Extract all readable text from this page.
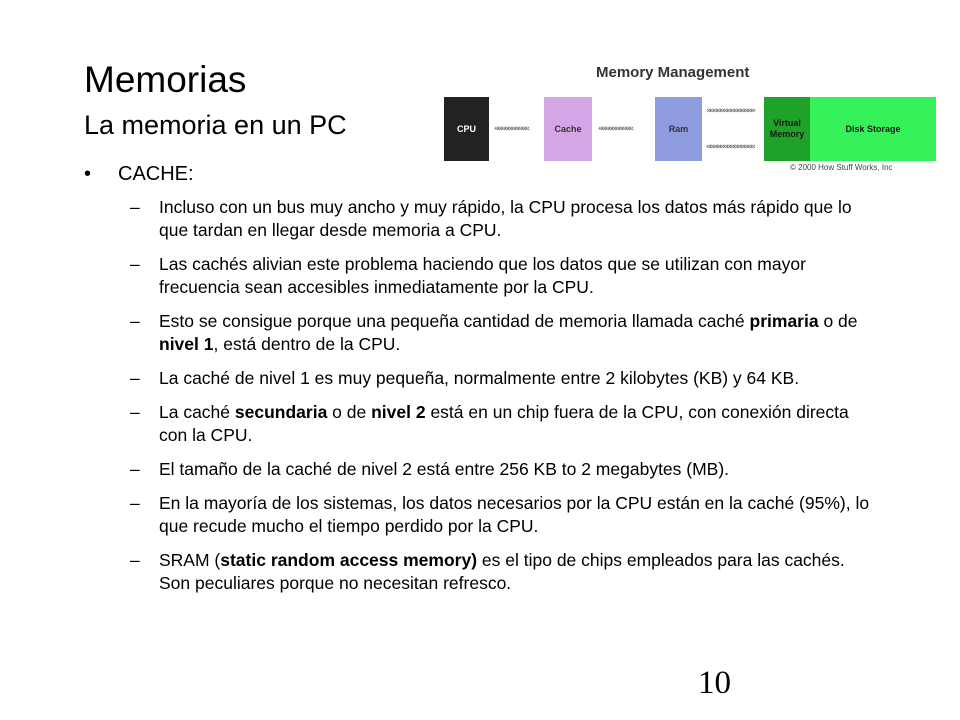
Memorias
La memoria en un PC
Memory Management
CPU	««««««««««	Cache	««««««««««	Ram
»»»»»»»»»»»»»»
««««««««««««««
Virtual Memory
Disk Storage
© 2000 How Stuff Works, Inc
• CACHE:
– Incluso con un bus muy ancho y muy rápido, la CPU procesa los datos más rápido que lo que tardan en llegar desde memoria a CPU.
– Las cachés alivian este problema haciendo que los datos que se utilizan con mayor frecuencia sean accesibles inmediatamente por la CPU.
– Esto se consigue porque una pequeña cantidad de memoria llamada caché primaria o de nivel 1, está dentro de la CPU.
– La caché de nivel 1 es muy pequeña, normalmente entre 2 kilobytes (KB) y 64 KB.
– La caché secundaria o de nivel 2 está en un chip fuera de la CPU, con conexión directa con la CPU.
– El tamaño de la caché de nivel 2 está entre 256 KB to 2 megabytes (MB).
– En la mayoría de los sistemas, los datos necesarios por la CPU están en la caché (95%), lo que recude mucho el tiempo perdido por la CPU.
– SRAM (static random access memory) es el tipo de chips empleados para las cachés. Son peculiares porque no necesitan refresco.
10
